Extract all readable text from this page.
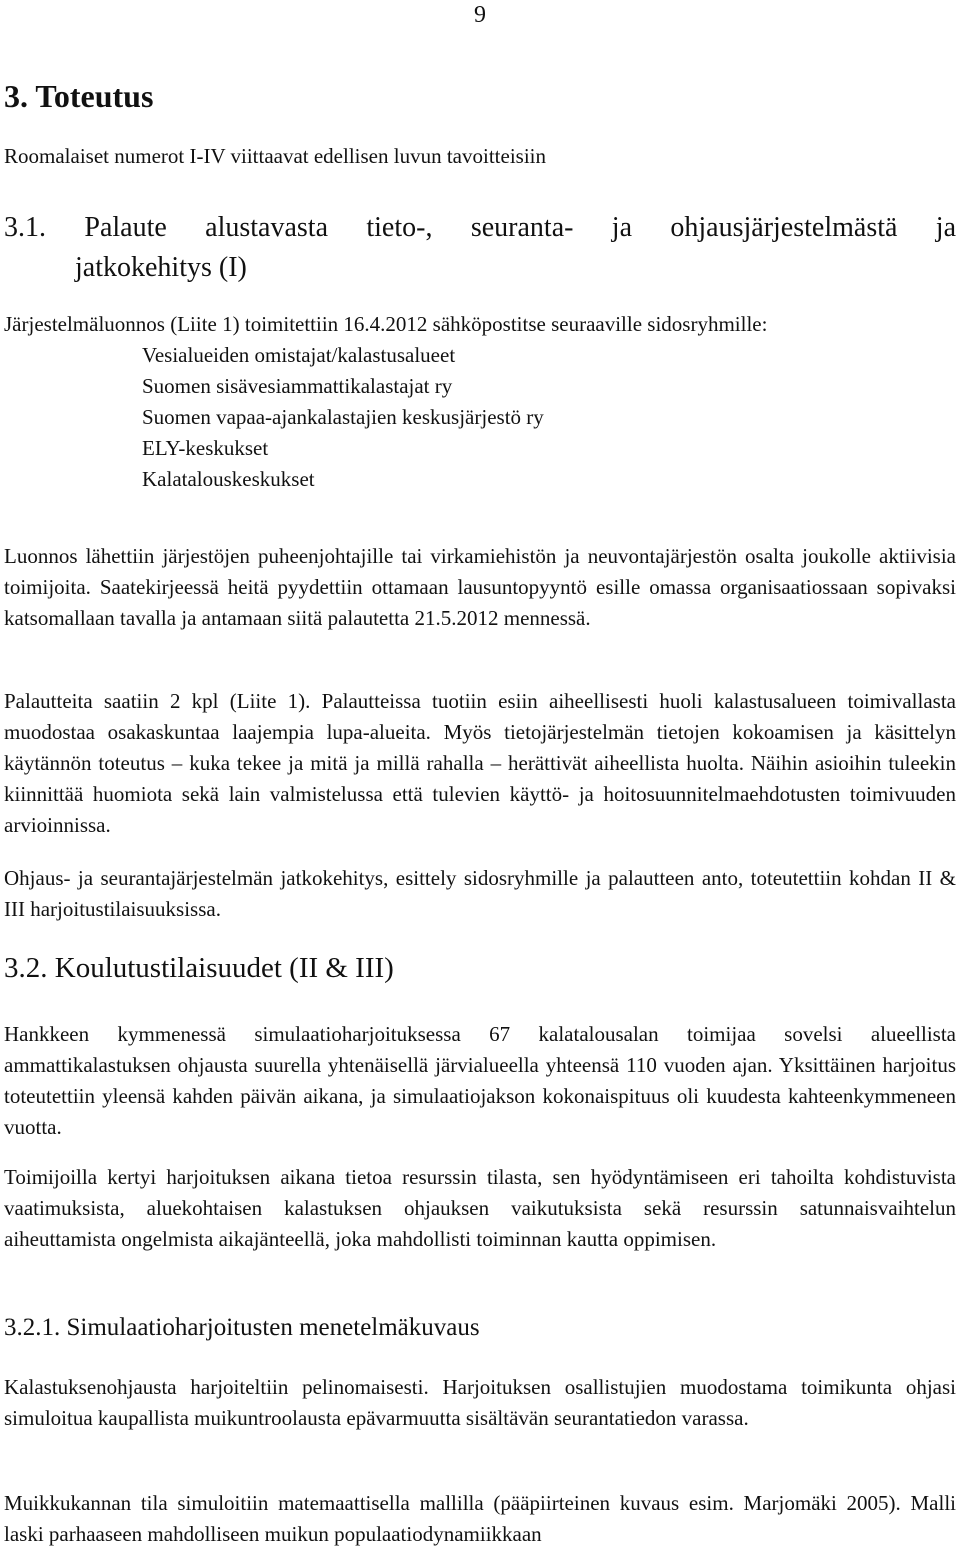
9
3. Toteutus
Roomalaiset numerot I-IV viittaavat edellisen luvun tavoitteisiin
3.1. Palaute alustavasta tieto-, seuranta- ja ohjausjärjestelmästä ja
jatkokehitys (I)
Järjestelmäluonnos (Liite 1) toimitettiin 16.4.2012 sähköpostitse seuraaville sidosryhmille:
Vesialueiden omistajat/kalastusalueet
Suomen sisävesiammattikalastajat ry
Suomen vapaa-ajankalastajien keskusjärjestö ry
ELY-keskukset
Kalatalouskeskukset

Luonnos lähettiin järjestöjen puheenjohtajille tai virkamiehistön ja neuvontajärjestön osalta joukolle aktiivisia toimijoita. Saatekirjeessä heitä pyydettiin ottamaan lausuntopyyntö esille omassa organisaatiossaan sopivaksi katsomallaan tavalla ja antamaan siitä palautetta 21.5.2012 mennessä.

Palautteita saatiin 2 kpl (Liite 1). Palautteissa tuotiin esiin aiheellisesti huoli kalastusalueen toimivallasta muodostaa osakaskuntaa laajempia lupa-alueita. Myös tietojärjestelmän tietojen kokoamisen ja käsittelyn käytännön toteutus – kuka tekee ja mitä ja millä rahalla – herättivät aiheellista huolta. Näihin asioihin tuleekin kiinnittää huomiota sekä lain valmistelussa että tulevien käyttö- ja hoitosuunnitelmaehdotusten toimivuuden arvioinnissa.

Ohjaus- ja seurantajärjestelmän jatkokehitys, esittely sidosryhmille ja palautteen anto, toteutettiin kohdan II & III harjoitustilaisuuksissa.

3.2. Koulutustilaisuudet (II & III)

Hankkeen kymmenessä simulaatioharjoituksessa 67 kalatalousalan toimijaa sovelsi alueellista ammattikalastuksen ohjausta suurella yhtenäisellä järvialueella yhteensä 110 vuoden ajan. Yksittäinen harjoitus toteutettiin yleensä kahden päivän aikana, ja simulaatiojakson kokonaispituus oli kuudesta kahteenkymmeneen vuotta.

Toimijoilla kertyi harjoituksen aikana tietoa resurssin tilasta, sen hyödyntämiseen eri tahoilta kohdistuvista vaatimuksista, aluekohtaisen kalastuksen ohjauksen vaikutuksista sekä resurssin satunnaisvaihtelun aiheuttamista ongelmista aikajänteellä, joka mahdollisti toiminnan kautta oppimisen.

3.2.1. Simulaatioharjoitusten menetelmäkuvaus

Kalastuksenohjausta harjoiteltiin pelinomaisesti. Harjoituksen osallistujien muodostama toimikunta ohjasi simuloitua kaupallista muikuntroolausta epävarmuutta sisältävän seurantatiedon varassa.

Muikkukannan tila simuloitiin matemaattisella mallilla (pääpiirteinen kuvaus esim. Marjomäki 2005). Malli laski parhaaseen mahdolliseen muikun populaatiodynamiikkaan
